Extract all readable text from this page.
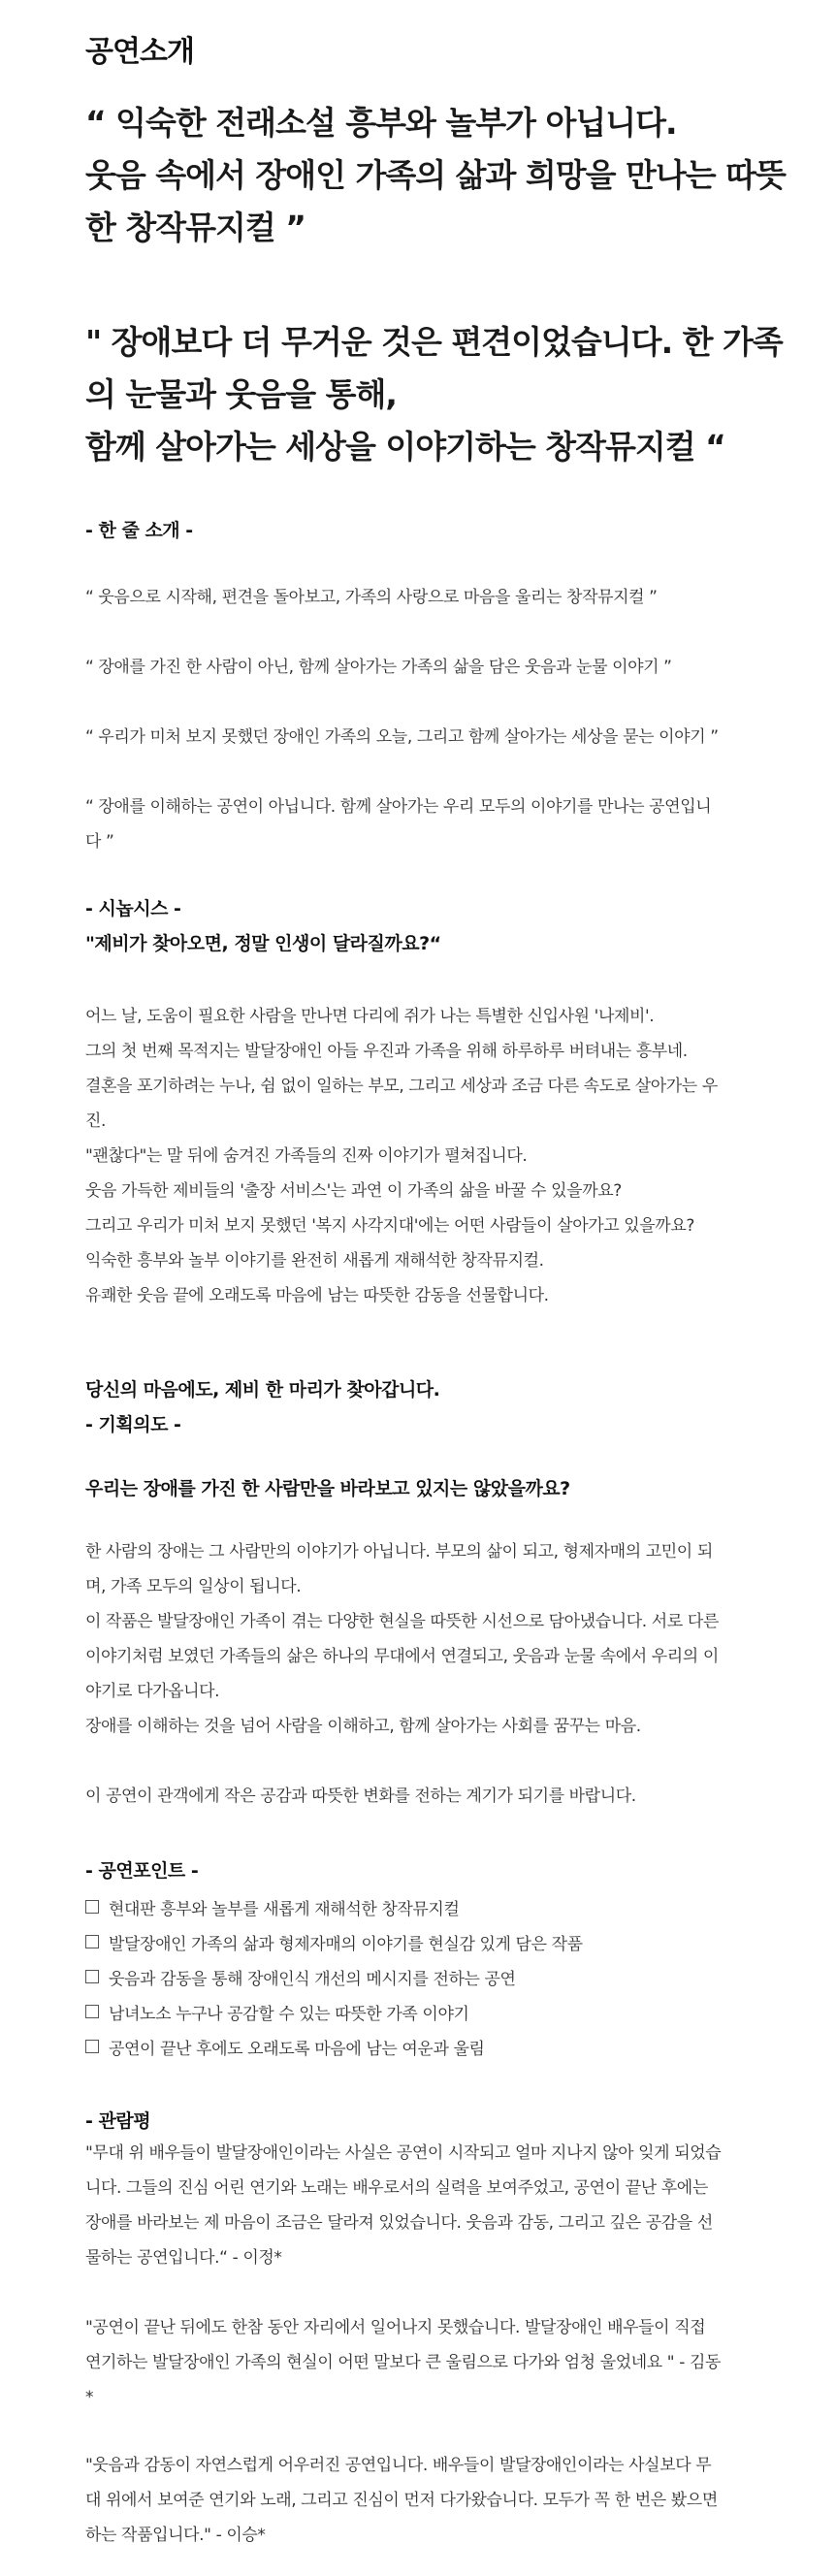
공연소개
“ 익숙한 전래소설 흥부와 놀부가 아닙니다.
웃음 속에서 장애인 가족의 삶과 희망을 만나는 따뜻
한 창작뮤지컬 ”
" 장애보다 더 무거운 것은 편견이었습니다. 한 가족
의 눈물과 웃음을 통해,
함께 살아가는 세상을 이야기하는 창작뮤지컬 “
- 한 줄 소개 -
“ 웃음으로 시작해, 편견을 돌아보고, 가족의 사랑으로 마음을 울리는 창작뮤지컬 ”
“ 장애를 가진 한 사람이 아닌, 함께 살아가는 가족의 삶을 담은 웃음과 눈물 이야기 ”
“ 우리가 미처 보지 못했던 장애인 가족의 오늘, 그리고 함께 살아가는 세상을 묻는 이야기 ”
“ 장애를 이해하는 공연이 아닙니다. 함께 살아가는 우리 모두의 이야기를 만나는 공연입니
다 ”
- 시놉시스 -
"제비가 찾아오면, 정말 인생이 달라질까요?“
어느 날, 도움이 필요한 사람을 만나면 다리에 쥐가 나는 특별한 신입사원 '나제비'.
그의 첫 번째 목적지는 발달장애인 아들 우진과 가족을 위해 하루하루 버텨내는 흥부네.
결혼을 포기하려는 누나, 쉼 없이 일하는 부모, 그리고 세상과 조금 다른 속도로 살아가는 우
진.
"괜찮다"는 말 뒤에 숨겨진 가족들의 진짜 이야기가 펼쳐집니다.
웃음 가득한 제비들의 '출장 서비스'는 과연 이 가족의 삶을 바꿀 수 있을까요?
그리고 우리가 미처 보지 못했던 '복지 사각지대'에는 어떤 사람들이 살아가고 있을까요?
익숙한 흥부와 놀부 이야기를 완전히 새롭게 재해석한 창작뮤지컬.
유쾌한 웃음 끝에 오래도록 마음에 남는 따뜻한 감동을 선물합니다.
당신의 마음에도, 제비 한 마리가 찾아갑니다.
- 기획의도 -
우리는 장애를 가진 한 사람만을 바라보고 있지는 않았을까요?
한 사람의 장애는 그 사람만의 이야기가 아닙니다. 부모의 삶이 되고, 형제자매의 고민이 되
며, 가족 모두의 일상이 됩니다.
이 작품은 발달장애인 가족이 겪는 다양한 현실을 따뜻한 시선으로 담아냈습니다. 서로 다른
이야기처럼 보였던 가족들의 삶은 하나의 무대에서 연결되고, 웃음과 눈물 속에서 우리의 이
야기로 다가옵니다.
장애를 이해하는 것을 넘어 사람을 이해하고, 함께 살아가는 사회를 꿈꾸는 마음.
이 공연이 관객에게 작은 공감과 따뜻한 변화를 전하는 계기가 되기를 바랍니다.
- 공연포인트 -
현대판 흥부와 놀부를 새롭게 재해석한 창작뮤지컬
발달장애인 가족의 삶과 형제자매의 이야기를 현실감 있게 담은 작품
웃음과 감동을 통해 장애인식 개선의 메시지를 전하는 공연
남녀노소 누구나 공감할 수 있는 따뜻한 가족 이야기
공연이 끝난 후에도 오래도록 마음에 남는 여운과 울림
- 관람평
"무대 위 배우들이 발달장애인이라는 사실은 공연이 시작되고 얼마 지나지 않아 잊게 되었습
니다. 그들의 진심 어린 연기와 노래는 배우로서의 실력을 보여주었고, 공연이 끝난 후에는
장애를 바라보는 제 마음이 조금은 달라져 있었습니다. 웃음과 감동, 그리고 깊은 공감을 선
물하는 공연입니다.“ - 이정*
"공연이 끝난 뒤에도 한참 동안 자리에서 일어나지 못했습니다. 발달장애인 배우들이 직접
연기하는 발달장애인 가족의 현실이 어떤 말보다 큰 울림으로 다가와 엄청 울었네요 " - 김동
*
"웃음과 감동이 자연스럽게 어우러진 공연입니다. 배우들이 발달장애인이라는 사실보다 무
대 위에서 보여준 연기와 노래, 그리고 진심이 먼저 다가왔습니다. 모두가 꼭 한 번은 봤으면
하는 작품입니다." - 이승*
